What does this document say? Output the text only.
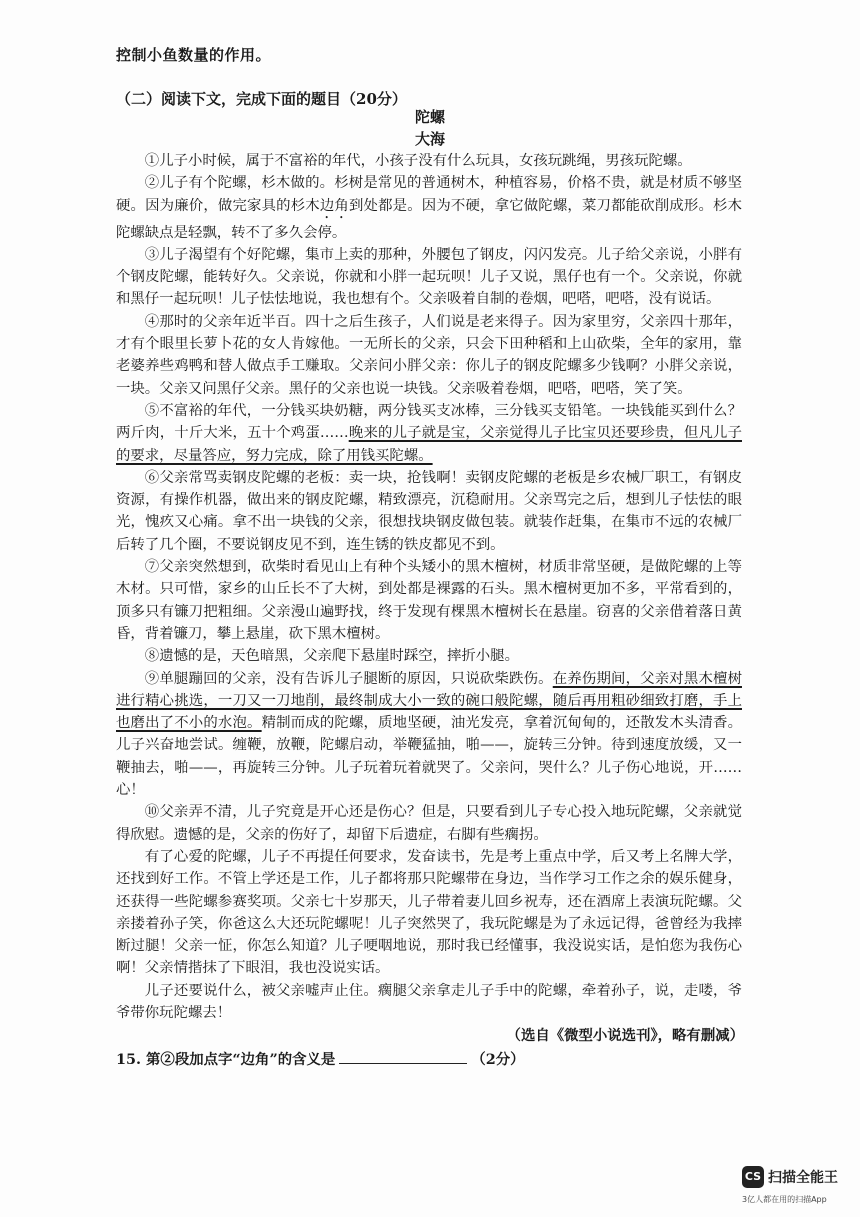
控制小鱼数量的作用。
（二）阅读下文，完成下面的题目（20分）
陀螺
大海

①儿子小时候，属于不富裕的年代，小孩子没有什么玩具，女孩玩跳绳，男孩玩陀螺。

②儿子有个陀螺，杉木做的。杉树是常见的普通树木，种植容易，价格不贵，就是材质不够坚硬。因为廉价，做完家具的杉木边角到处都是。因为不硬，拿它做陀螺，菜刀都能砍削成形。杉木陀螺缺点是轻飘，转不了多久会停。

③儿子渴望有个好陀螺，集市上卖的那种，外腰包了钢皮，闪闪发亮。儿子给父亲说，小胖有个钢皮陀螺，能转好久。父亲说，你就和小胖一起玩呗！儿子又说，黑仔也有一个。父亲说，你就和黑仔一起玩呗！儿子怯怯地说，我也想有个。父亲吸着自制的卷烟，吧嗒，吧嗒，没有说话。

④那时的父亲年近半百。四十之后生孩子，人们说是老来得子。因为家里穷，父亲四十那年，才有个眼里长萝卜花的女人肯嫁他。一无所长的父亲，只会下田种稻和上山砍柴，全年的家用，靠老婆养些鸡鸭和替人做点手工赚取。父亲问小胖父亲：你儿子的钢皮陀螺多少钱啊？小胖父亲说，一块。父亲又问黑仔父亲。黑仔的父亲也说一块钱。父亲吸着卷烟，吧嗒，吧嗒，笑了笑。

⑤不富裕的年代，一分钱买块奶糖，两分钱买支冰棒，三分钱买支铅笔。一块钱能买到什么？两斤肉，十斤大米，五十个鸡蛋……晚来的儿子就是宝，父亲觉得儿子比宝贝还要珍贵，但凡儿子的要求，尽量答应，努力完成，除了用钱买陀螺。

⑥父亲常骂卖钢皮陀螺的老板：卖一块，抢钱啊！卖钢皮陀螺的老板是乡农械厂职工，有钢皮资源，有操作机器，做出来的钢皮陀螺，精致漂亮，沉稳耐用。父亲骂完之后，想到儿子怯怯的眼光，愧疚又心痛。拿不出一块钱的父亲，很想找块钢皮做包装。就装作赶集，在集市不远的农械厂后转了几个圈，不要说钢皮见不到，连生锈的铁皮都见不到。

⑦父亲突然想到，砍柴时看见山上有种个头矮小的黑木檀树，材质非常坚硬，是做陀螺的上等木材。只可惜，家乡的山丘长不了大树，到处都是裸露的石头。黑木檀树更加不多，平常看到的，顶多只有镰刀把粗细。父亲漫山遍野找，终于发现有棵黑木檀树长在悬崖。窃喜的父亲借着落日黄昏，背着镰刀，攀上悬崖，砍下黑木檀树。

⑧遗憾的是，天色暗黑，父亲爬下悬崖时踩空，摔折小腿。

⑨单腿蹦回的父亲，没有告诉儿子腿断的原因，只说砍柴跌伤。在养伤期间，父亲对黑木檀树进行精心挑选，一刀又一刀地削，最终制成大小一致的碗口般陀螺，随后再用粗砂细致打磨，手上也磨出了不小的水泡。精制而成的陀螺，质地坚硬，油光发亮，拿着沉甸甸的，还散发木头清香。儿子兴奋地尝试。缠鞭，放鞭，陀螺启动，举鞭猛抽，啪——，旋转三分钟。待到速度放缓，又一鞭抽去，啪——，再旋转三分钟。儿子玩着玩着就哭了。父亲问，哭什么？儿子伤心地说，开……心！

⑩父亲弄不清，儿子究竟是开心还是伤心？但是，只要看到儿子专心投入地玩陀螺，父亲就觉得欣慰。遗憾的是，父亲的伤好了，却留下后遗症，右脚有些瘸拐。

有了心爱的陀螺，儿子不再提任何要求，发奋读书，先是考上重点中学，后又考上名牌大学，还找到好工作。不管上学还是工作，儿子都将那只陀螺带在身边，当作学习工作之余的娱乐健身，还获得一些陀螺参赛奖项。父亲七十岁那天，儿子带着妻儿回乡祝寿，还在酒席上表演玩陀螺。父亲搂着孙子笑，你爸这么大还玩陀螺呢！儿子突然哭了，我玩陀螺是为了永远记得，爸曾经为我摔断过腿！父亲一怔，你怎么知道？儿子哽咽地说，那时我已经懂事，我没说实话，是怕您为我伤心啊！父亲情揩抹了下眼泪，我也没说实话。

儿子还要说什么，被父亲嘘声止住。瘸腿父亲拿走儿子手中的陀螺，牵着孙子，说，走喽，爷爷带你玩陀螺去！

（选自《微型小说选刊》，略有删减）
15. 第②段加点字“边角”的含义是	（2分）
CS 扫描全能王
3亿人都在用的扫描App
